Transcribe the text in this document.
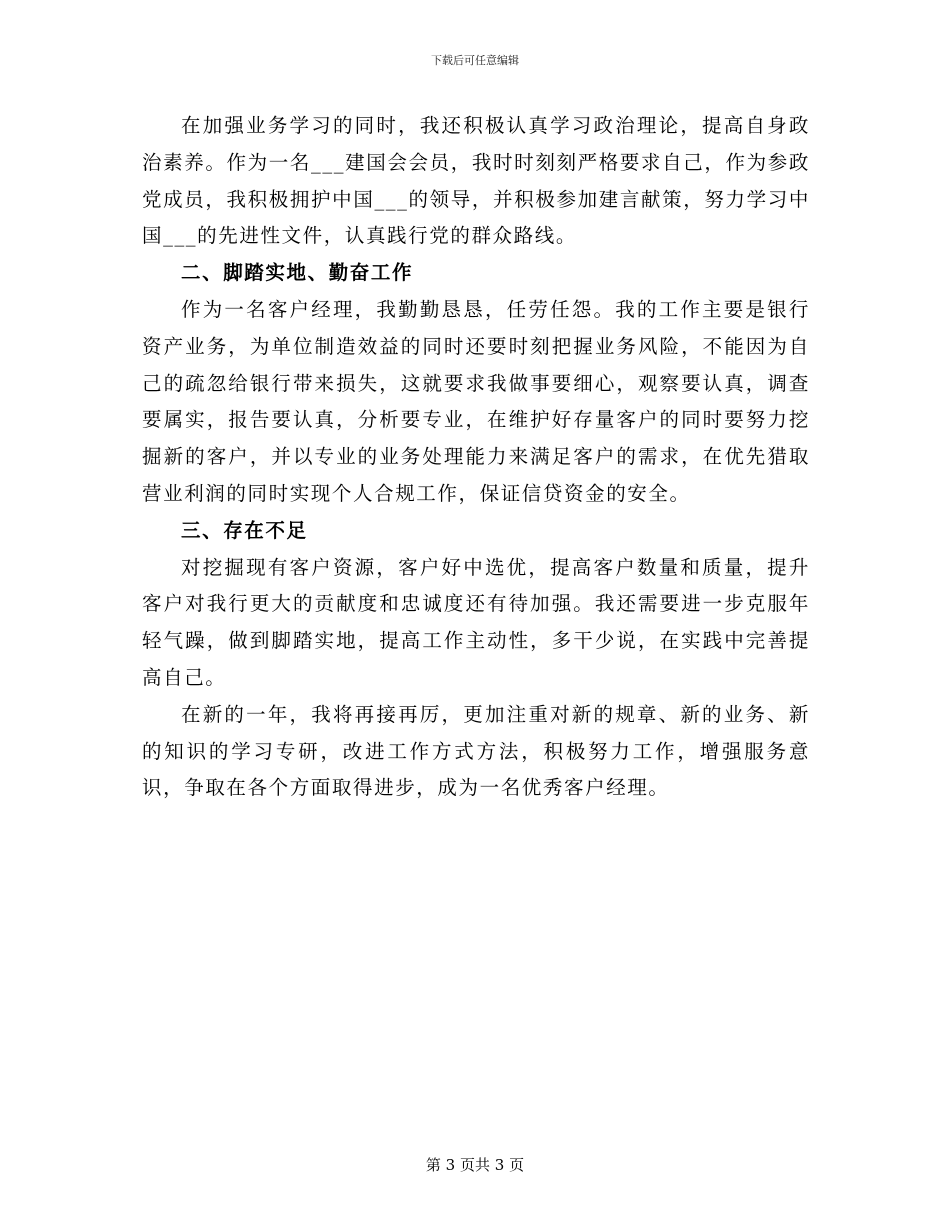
下载后可任意编辑

在加强业务学习的同时，我还积极认真学习政治理论，提高自身政治素养。作为一名___建国会会员，我时时刻刻严格要求自己，作为参政党成员，我积极拥护中国___的领导，并积极参加建言献策，努力学习中国___的先进性文件，认真践行党的群众路线。

二、脚踏实地、勤奋工作

作为一名客户经理，我勤勤恳恳，任劳任怨。我的工作主要是银行资产业务，为单位制造效益的同时还要时刻把握业务风险，不能因为自己的疏忽给银行带来损失，这就要求我做事要细心，观察要认真，调查要属实，报告要认真，分析要专业，在维护好存量客户的同时要努力挖掘新的客户，并以专业的业务处理能力来满足客户的需求，在优先猎取营业利润的同时实现个人合规工作，保证信贷资金的安全。

三、存在不足

对挖掘现有客户资源，客户好中选优，提高客户数量和质量，提升客户对我行更大的贡献度和忠诚度还有待加强。我还需要进一步克服年轻气躁，做到脚踏实地，提高工作主动性，多干少说，在实践中完善提高自己。

在新的一年，我将再接再厉，更加注重对新的规章、新的业务、新的知识的学习专研，改进工作方式方法，积极努力工作，增强服务意识，争取在各个方面取得进步，成为一名优秀客户经理。

第 3 页共 3 页
